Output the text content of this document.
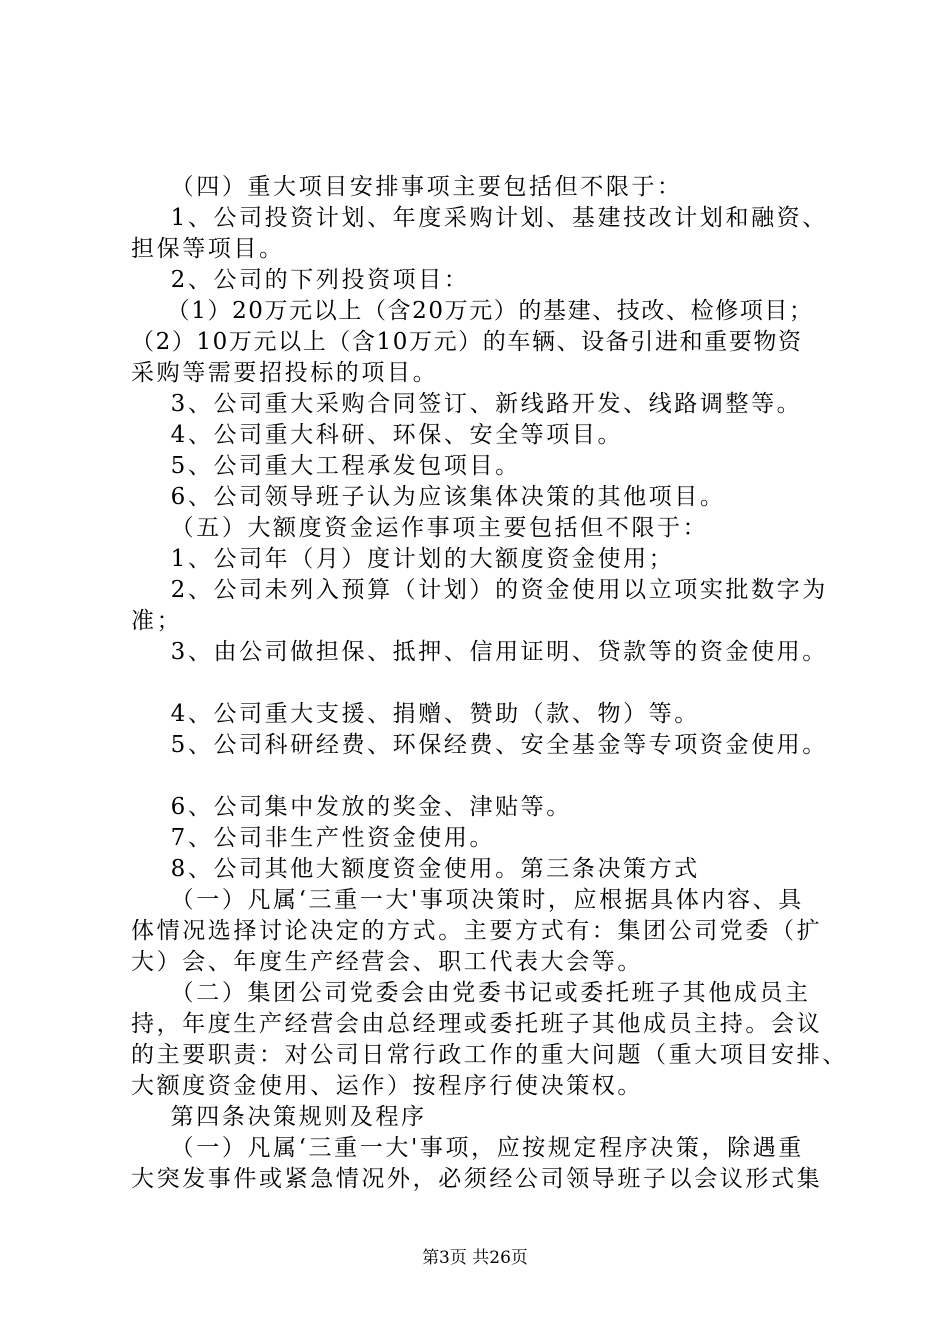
（四）重大项目安排事项主要包括但不限于：
1、公司投资计划、年度采购计划、基建技改计划和融资、
担保等项目。
2、公司的下列投资项目：
（1）20万元以上（含20万元）的基建、技改、检修项目；
（2）10万元以上（含10万元）的车辆、设备引进和重要物资
采购等需要招投标的项目。
3、公司重大采购合同签订、新线路开发、线路调整等。
4、公司重大科研、环保、安全等项目。
5、公司重大工程承发包项目。
6、公司领导班子认为应该集体决策的其他项目。
（五）大额度资金运作事项主要包括但不限于：
1、公司年（月）度计划的大额度资金使用；
2、公司未列入预算（计划）的资金使用以立项实批数字为
准；
3、由公司做担保、抵押、信用证明、贷款等的资金使用。
4、公司重大支援、捐赠、赞助（款、物）等。
5、公司科研经费、环保经费、安全基金等专项资金使用。
6、公司集中发放的奖金、津贴等。
7、公司非生产性资金使用。
8、公司其他大额度资金使用。第三条决策方式
（一）凡属‘三重一大'事项决策时，应根据具体内容、具
体情况选择讨论决定的方式。主要方式有：集团公司党委（扩
大）会、年度生产经营会、职工代表大会等。
（二）集团公司党委会由党委书记或委托班子其他成员主
持，年度生产经营会由总经理或委托班子其他成员主持。会议
的主要职责：对公司日常行政工作的重大问题（重大项目安排、
大额度资金使用、运作）按程序行使决策权。
第四条决策规则及程序
（一）凡属‘三重一大'事项，应按规定程序决策，除遇重
大突发事件或紧急情况外，必须经公司领导班子以会议形式集
第3页 共26页
